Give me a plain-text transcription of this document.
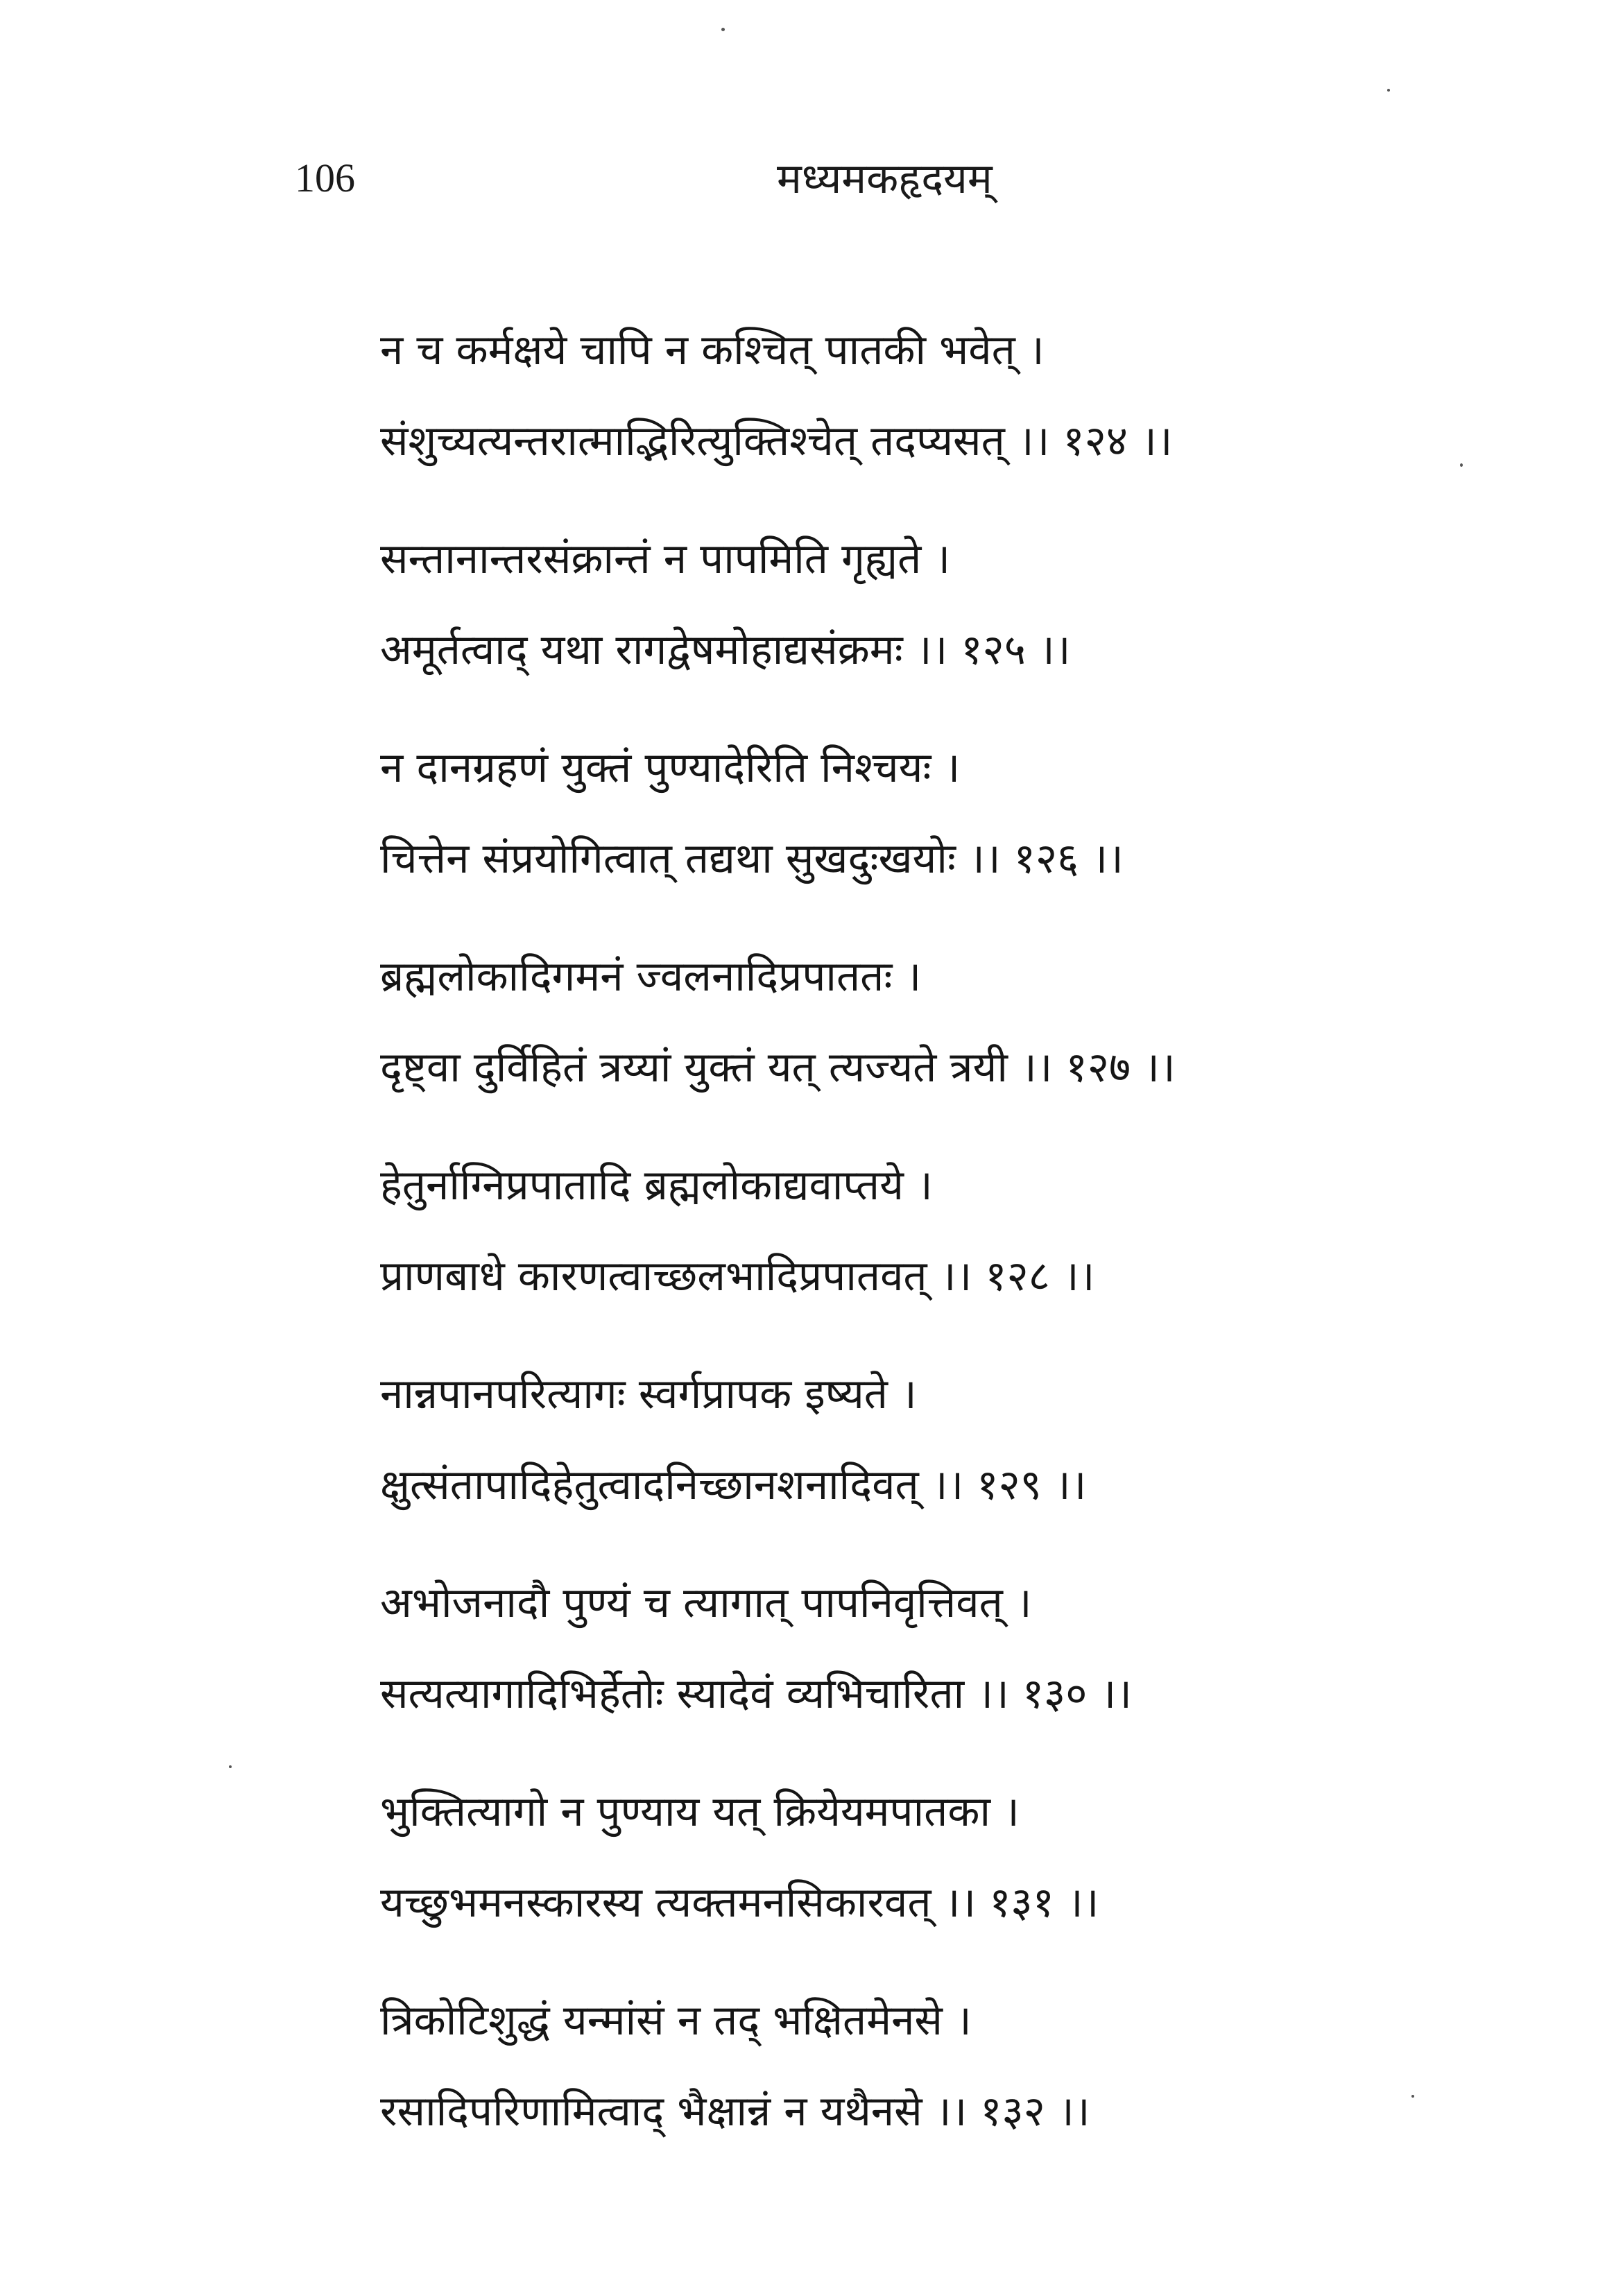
106	मध्यमकहृदयम्
न च कर्मक्षये चापि न कश्चित् पातकी भवेत् ।
संशुच्यत्यन्तरात्माद्भिरित्युक्तिश्चेत् तदप्यसत् ।। १२४ ।।
सन्तानान्तरसंक्रान्तं न पापमिति गृह्यते ।
अमूर्तत्वाद् यथा रागद्वेषमोहाद्यसंक्रमः ।। १२५ ।।
न दानग्रहणं युक्तं पुण्यादेरिति निश्चयः ।
चित्तेन संप्रयोगित्वात् तद्यथा सुखदुःखयोः ।। १२६ ।।
ब्रह्मलोकादिगमनं ज्वलनादिप्रपाततः ।
दृष्ट्वा दुर्विहितं त्रय्यां युक्तं यत् त्यज्यते त्रयी ।। १२७ ।।
हेतुर्नाग्निप्रपातादि ब्रह्मलोकाद्यवाप्तये ।
प्राणबाधे कारणत्वाच्छलभादिप्रपातवत् ।। १२८ ।।
नान्नपानपरित्यागः स्वर्गप्रापक इष्यते ।
क्षुत्संतापादिहेतुत्वादनिच्छानशनादिवत् ।। १२९ ।।
अभोजनादौ पुण्यं च त्यागात् पापनिवृत्तिवत् ।
सत्यत्यागादिभिर्हेतोः स्यादेवं व्यभिचारिता ।। १३० ।।
भुक्तित्यागो न पुण्याय यत् क्रियेयमपातका ।
यच्छुभमनस्कारस्य त्यक्तमनसिकारवत् ।। १३१ ।।
त्रिकोटिशुद्धं यन्मांसं न तद् भक्षितमेनसे ।
रसादिपरिणामित्वाद् भैक्षान्नं न यथैनसे ।। १३२ ।।
